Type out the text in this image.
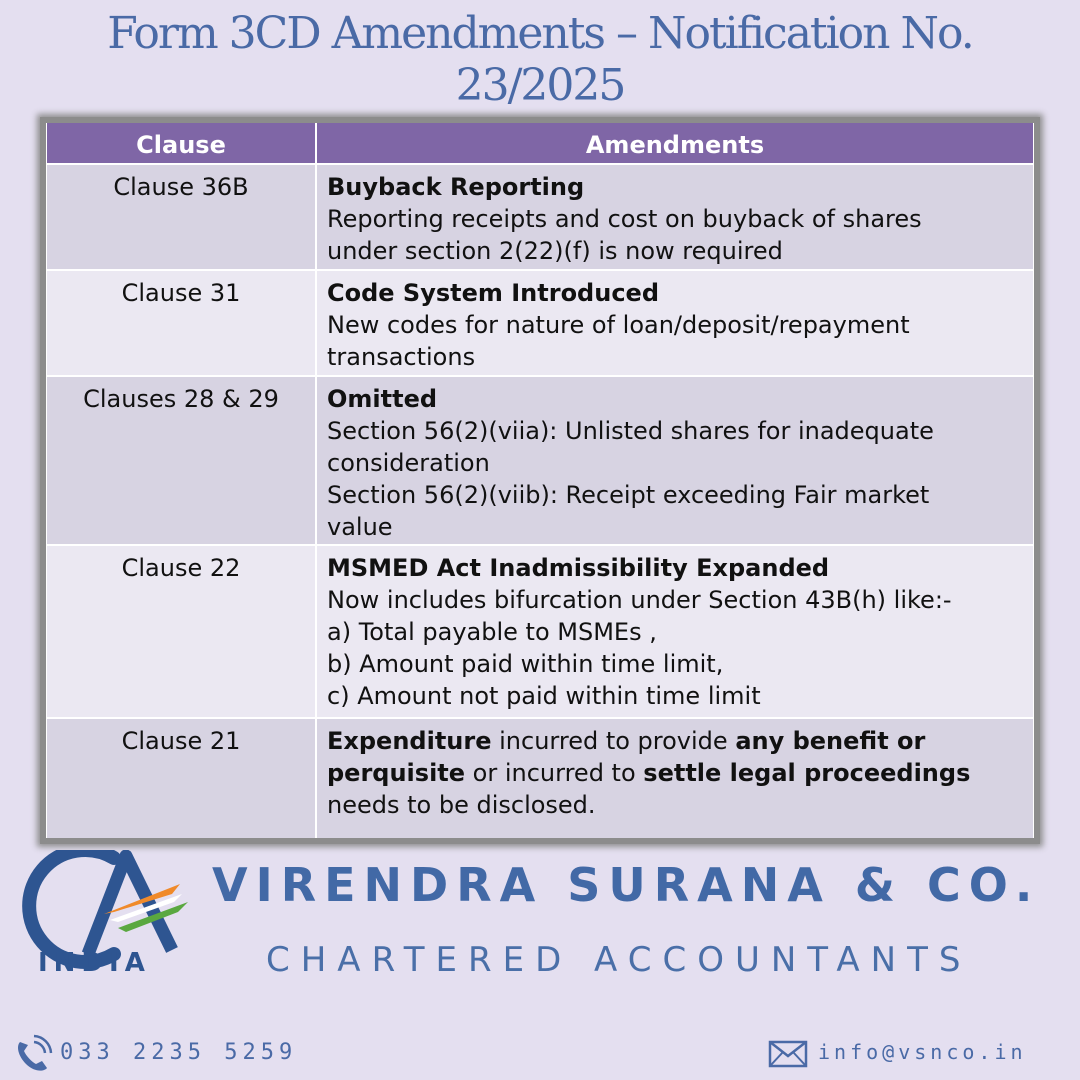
Form 3CD Amendments – Notification No.
23/2025
Clause	Amendments
Clause 36B	Buyback Reporting
Reporting receipts and cost on buyback of shares
under section 2(22)(f) is now required
Clause 31	Code System Introduced
New codes for nature of loan/deposit/repayment
transactions
Clauses 28 & 29	Omitted
Section 56(2)(viia): Unlisted shares for inadequate
consideration
Section 56(2)(viib): Receipt exceeding Fair market
value
Clause 22	MSMED Act Inadmissibility Expanded
Now includes bifurcation under Section 43B(h) like:-
a) Total payable to MSMEs ,
b) Amount paid within time limit,
c) Amount not paid within time limit
Clause 21	Expenditure incurred to provide any benefit or
perquisite or incurred to settle legal proceedings
needs to be disclosed.
INDIA
VIRENDRA SURANA & CO.
CHARTERED ACCOUNTANTS
033 2235 5259	info@vsnco.in
